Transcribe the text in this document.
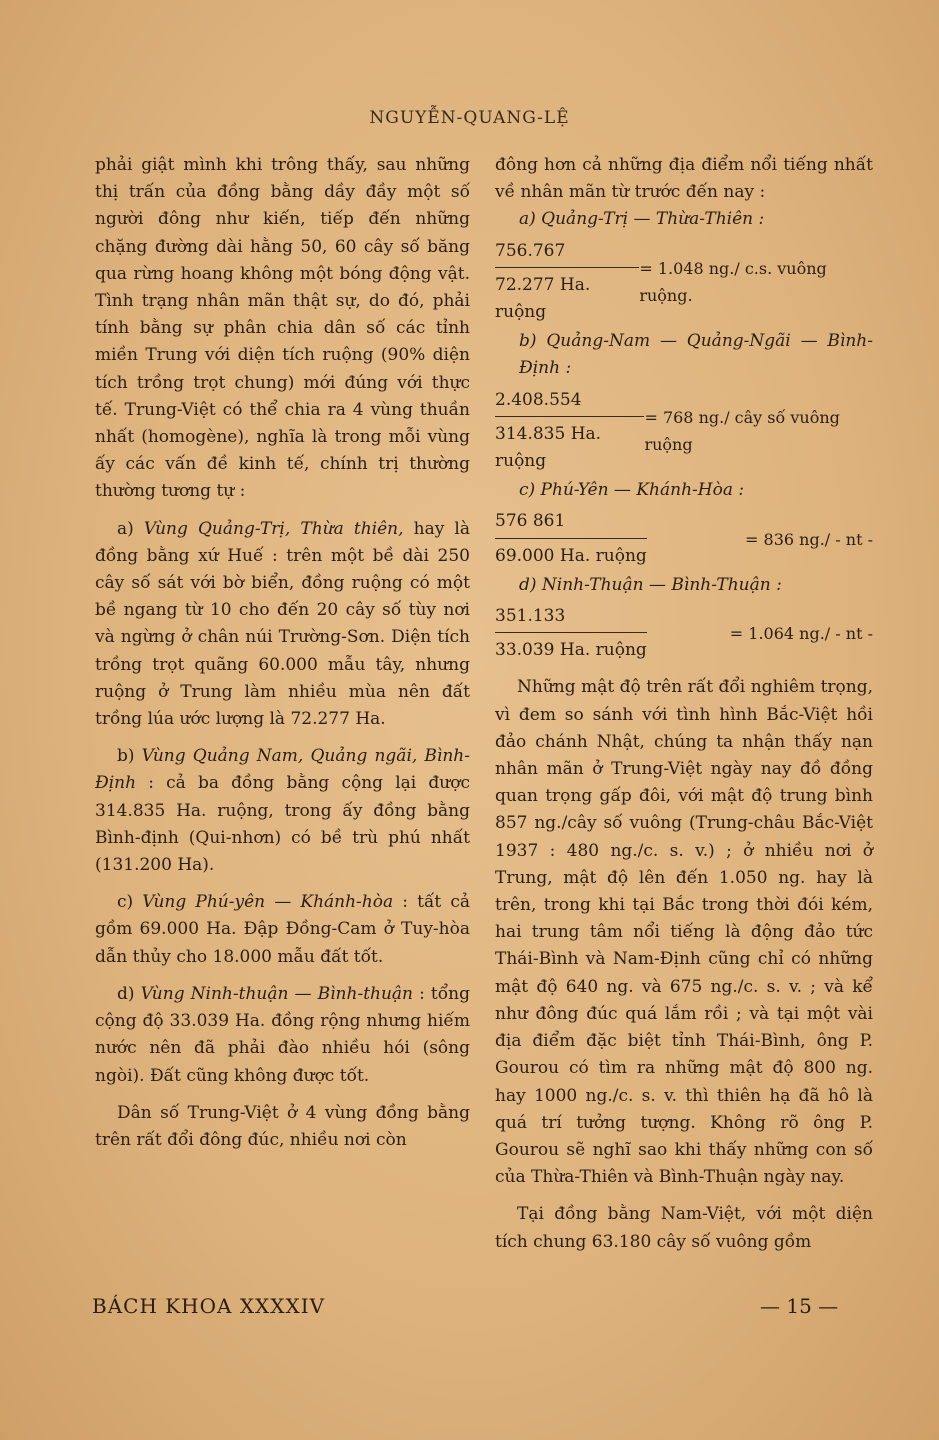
NGUYỄN-QUANG-LỆ

phải giật mình khi trông thấy, sau những thị trấn của đồng bằng dầy đầy một số người đông như kiến, tiếp đến những chặng đường dài hằng 50, 60 cây số băng qua rừng hoang không một bóng động vật. Tình trạng nhân mãn thật sự, do đó, phải tính bằng sự phân chia dân số các tỉnh miền Trung với diện tích ruộng (90% diện tích trồng trọt chung) mới đúng với thực tế. Trung-Việt có thể chia ra 4 vùng thuần nhất (homogène), nghĩa là trong mỗi vùng ấy các vấn đề kinh tế, chính trị thường thường tương tự :

a) Vùng Quảng-Trị, Thừa thiên, hay là đồng bằng xứ Huế : trên một bề dài 250 cây số sát với bờ biển, đồng ruộng có một bề ngang từ 10 cho đến 20 cây số tùy nơi và ngừng ở chân núi Trường-Sơn. Diện tích trồng trọt quãng 60.000 mẫu tây, nhưng ruộng ở Trung làm nhiều mùa nên đất trồng lúa ước lượng là 72.277 Ha.

b) Vùng Quảng Nam, Quảng ngãi, Bình-Định : cả ba đồng bằng cộng lại được 314.835 Ha. ruộng, trong ấy đồng bằng Bình-định (Qui-nhơn) có bề trù phú nhất (131.200 Ha).

c) Vùng Phú-yên — Khánh-hòa : tất cả gồm 69.000 Ha. Đập Đồng-Cam ở Tuy-hòa dẫn thủy cho 18.000 mẫu đất tốt.

d) Vùng Ninh-thuận — Bình-thuận : tổng cộng độ 33.039 Ha. đồng rộng nhưng hiếm nước nên đã phải đào nhiều hói (sông ngòi). Đất cũng không được tốt.

Dân số Trung-Việt ở 4 vùng đồng bằng trên rất đổi đông đúc, nhiều nơi còn

đông hơn cả những địa điểm nổi tiếng nhất về nhân mãn từ trước đến nay :

a) Quảng-Trị — Thừa-Thiên :

$\frac{756.767}{\text{72.277 Ha. ruộng}} = 1.048$ ng./ c.s. vuông ruộng.

b) Quảng-Nam — Quảng-Ngãi — Bình-Định :

$\frac{2.408.554}{\text{314.835 Ha. ruộng}} = 768$ ng./ cây số vuông ruộng

c) Phú-Yên — Khánh-Hòa :

$\frac{576 861}{\text{69.000 Ha. ruộng}}$	= 836 ng./ - nt -

d) Ninh-Thuận — Bình-Thuận :

$\frac{351.133}{\text{33.039 Ha. ruộng}}$	= 1.064 ng./ - nt -

Những mật độ trên rất đổi nghiêm trọng, vì đem so sánh với tình hình Bắc-Việt hồi đảo chánh Nhật, chúng ta nhận thấy nạn nhân mãn ở Trung-Việt ngày nay đồ đồng quan trọng gấp đôi, với mật độ trung bình 857 ng./cây số vuông (Trung-châu Bắc-Việt 1937 : 480 ng./c. s. v.) ; ở nhiều nơi ở Trung, mật độ lên đến 1.050 ng. hay là trên, trong khi tại Bắc trong thời đói kém, hai trung tâm nổi tiếng là động đảo tức Thái-Bình và Nam-Định cũng chỉ có những mật độ 640 ng. và 675 ng./c. s. v. ; và kể như đông đúc quá lắm rồi ; và tại một vài địa điểm đặc biệt tỉnh Thái-Bình, ông P. Gourou có tìm ra những mật độ 800 ng. hay 1000 ng./c. s. v. thì thiên hạ đã hô là quá trí tưởng tượng. Không rõ ông P. Gourou sẽ nghĩ sao khi thấy những con số của Thừa-Thiên và Bình-Thuận ngày nay.

Tại đồng bằng Nam-Việt, với một diện tích chung 63.180 cây số vuông gồm

BÁCH KHOA XXXXIV	— 15 —
